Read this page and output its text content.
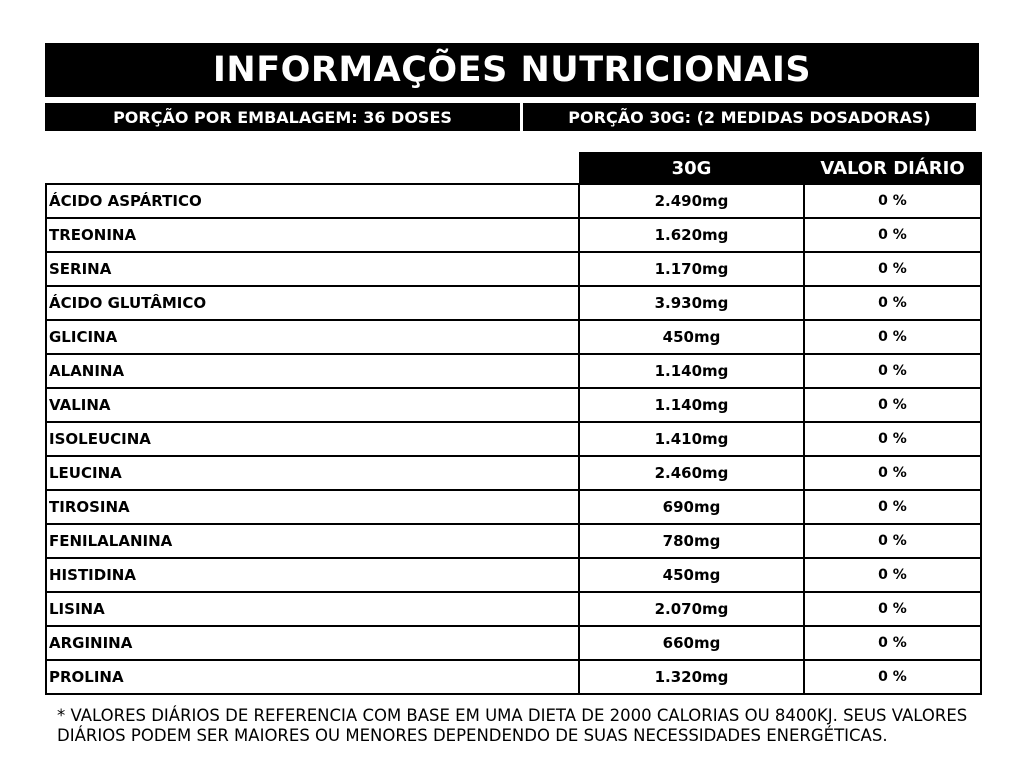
INFORMAÇÕES NUTRICIONAIS
PORÇÃO POR EMBALAGEM: 36 DOSES	PORÇÃO 30G: (2 MEDIDAS DOSADORAS)
	30G	VALOR DIÁRIO
ÁCIDO ASPÁRTICO	2.490mg	0 %
TREONINA	1.620mg	0 %
SERINA	1.170mg	0 %
ÁCIDO GLUTÂMICO	3.930mg	0 %
GLICINA	450mg	0 %
ALANINA	1.140mg	0 %
VALINA	1.140mg	0 %
ISOLEUCINA	1.410mg	0 %
LEUCINA	2.460mg	0 %
TIROSINA	690mg	0 %
FENILALANINA	780mg	0 %
HISTIDINA	450mg	0 %
LISINA	2.070mg	0 %
ARGININA	660mg	0 %
PROLINA	1.320mg	0 %
* VALORES DIÁRIOS DE REFERENCIA COM BASE EM UMA DIETA DE 2000 CALORIAS OU 8400KJ. SEUS VALORES DIÁRIOS PODEM SER MAIORES OU MENORES DEPENDENDO DE SUAS NECESSIDADES ENERGÉTICAS.
